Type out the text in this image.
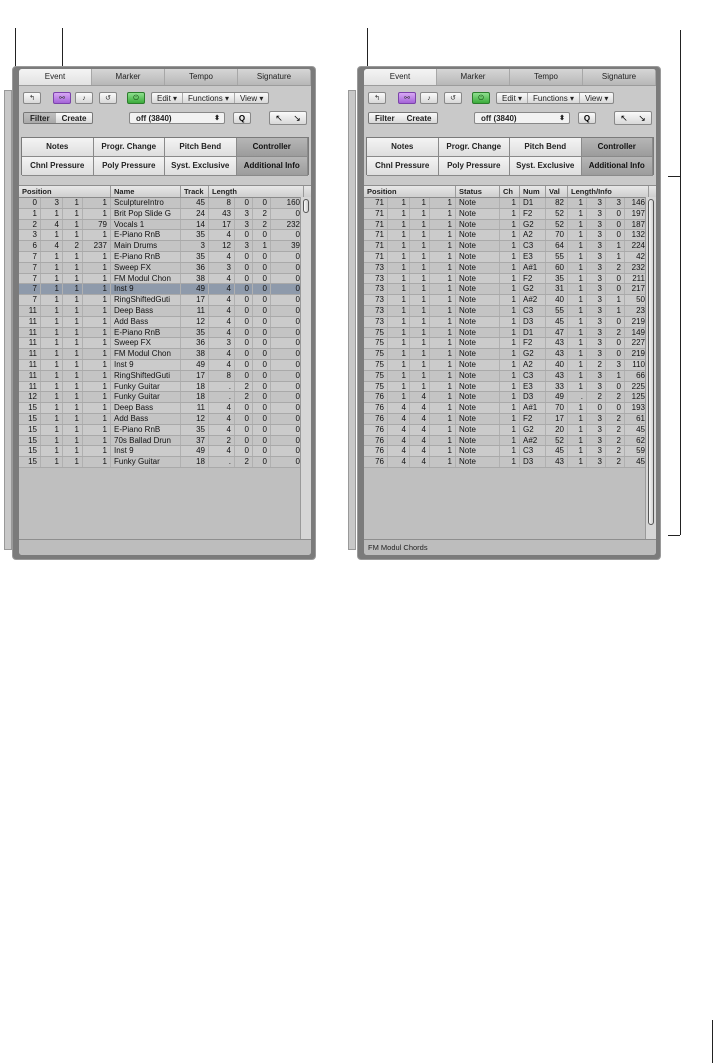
Event	Marker	Tempo	Signature
↰	⚯	♪	↺	⏻	Edit ▾	Functions ▾	View ▾
Filter	Create	off (3840)	⬍	Q	↖ ↘
Notes	Progr. Change	Pitch Bend	Controller
Chnl Pressure	Poly Pressure	Syst. Exclusive	Additional Info
Position	Name	Track	Length
0	3	1	1 SculptureIntro	45	8	0	0	160
1	1	1	1 Brit Pop Slide G	24	43	3	2	0
2	4	1	79 Vocals 1	14	17	3	2	232
3	1	1	1 E-Piano RnB	35	4	0	0	0
6	4	2	237 Main Drums	3	12	3	1	39
7	1	1	1 E-Piano RnB	35	4	0	0	0
7	1	1	1 Sweep FX	36	3	0	0	0
7	1	1	1 FM Modul Chon	38	4	0	0	0
7	1	1	1 Inst 9	49	4	0	0	0
7	1	1	1 RingShiftedGuti	17	4	0	0	0
11	1	1	1 Deep Bass	11	4	0	0	0
11	1	1	1 Add Bass	12	4	0	0	0
11	1	1	1 E-Piano RnB	35	4	0	0	0
11	1	1	1 Sweep FX	36	3	0	0	0
11	1	1	1 FM Modul Chon	38	4	0	0	0
11	1	1	1 Inst 9	49	4	0	0	0
11	1	1	1 RingShiftedGuti	17	8	0	0	0
11	1	1	1 Funky Guitar	18	.	2	0	0
12	1	1	1 Funky Guitar	18	.	2	0	0
15	1	1	1 Deep Bass	11	4	0	0	0
15	1	1	1 Add Bass	12	4	0	0	0
15	1	1	1 E-Piano RnB	35	4	0	0	0
15	1	1	1 70s Ballad Drun	37	2	0	0	0
15	1	1	1 Inst 9	49	4	0	0	0
15	1	1	1 Funky Guitar	18	.	2	0	0
Event	Marker	Tempo	Signature
↰	⚯	♪	↺	⏻	Edit ▾	Functions ▾	View ▾
Filter	Create	off (3840)	⬍	Q	↖ ↘
Notes	Progr. Change	Pitch Bend	Controller
Chnl Pressure	Poly Pressure	Syst. Exclusive	Additional Info
Position	Status	Ch	Num	Val	Length/Info
71	1	1	1 Note	1 D1	82	1	3	3	146
71	1	1	1 Note	1 F2	52	1	3	0	197
71	1	1	1 Note	1 G2	52	1	3	0	187
71	1	1	1 Note	1 A2	70	1	3	0	132
71	1	1	1 Note	1 C3	64	1	3	1	224
71	1	1	1 Note	1 E3	55	1	3	1	42
73	1	1	1 Note	1 A#1	60	1	3	2	232
73	1	1	1 Note	1 F2	35	1	3	0	211
73	1	1	1 Note	1 G2	31	1	3	0	217
73	1	1	1 Note	1 A#2	40	1	3	1	50
73	1	1	1 Note	1 C3	55	1	3	1	23
73	1	1	1 Note	1 D3	45	1	3	0	219
75	1	1	1 Note	1 D1	47	1	3	2	149
75	1	1	1 Note	1 F2	43	1	3	0	227
75	1	1	1 Note	1 G2	43	1	3	0	219
75	1	1	1 Note	1 A2	40	1	2	3	110
75	1	1	1 Note	1 C3	43	1	3	1	66
75	1	1	1 Note	1 E3	33	1	3	0	225
76	1	4	1 Note	1 D3	49	.	2	2	125
76	4	4	1 Note	1 A#1	70	1	0	0	193
76	4	4	1 Note	1 F2	17	1	3	2	61
76	4	4	1 Note	1 G2	20	1	3	2	45
76	4	4	1 Note	1 A#2	52	1	3	2	62
76	4	4	1 Note	1 C3	45	1	3	2	59
76	4	4	1 Note	1 D3	43	1	3	2	45
FM Modul Chords
